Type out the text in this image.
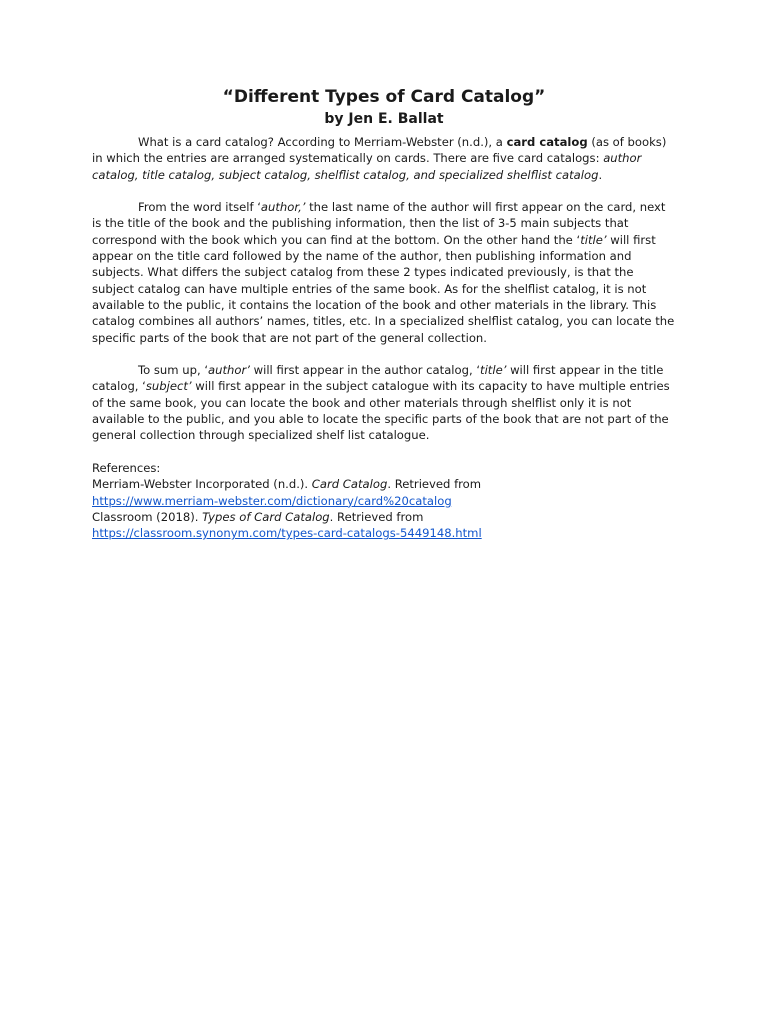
“Different Types of Card Catalog”
by Jen E. Ballat

What is a card catalog? According to Merriam-Webster (n.d.), a card catalog (as of books) in which the entries are arranged systematically on cards. There are five card catalogs: author catalog, title catalog, subject catalog, shelflist catalog, and specialized shelflist catalog.

From the word itself ‘author,’ the last name of the author will first appear on the card, next is the title of the book and the publishing information, then the list of 3-5 main subjects that correspond with the book which you can find at the bottom. On the other hand the ‘title’ will first appear on the title card followed by the name of the author, then publishing information and subjects. What differs the subject catalog from these 2 types indicated previously, is that the subject catalog can have multiple entries of the same book. As for the shelflist catalog, it is not available to the public, it contains the location of the book and other materials in the library. This catalog combines all authors’ names, titles, etc. In a specialized shelflist catalog, you can locate the specific parts of the book that are not part of the general collection.

To sum up, ‘author’ will first appear in the author catalog, ‘title’ will first appear in the title catalog, ‘subject’ will first appear in the subject catalogue with its capacity to have multiple entries of the same book, you can locate the book and other materials through shelflist only it is not available to the public, and you able to locate the specific parts of the book that are not part of the general collection through specialized shelf list catalogue.

References:
Merriam-Webster Incorporated (n.d.). Card Catalog. Retrieved from
https://www.merriam-webster.com/dictionary/card%20catalog
Classroom (2018). Types of Card Catalog. Retrieved from
https://classroom.synonym.com/types-card-catalogs-5449148.html
